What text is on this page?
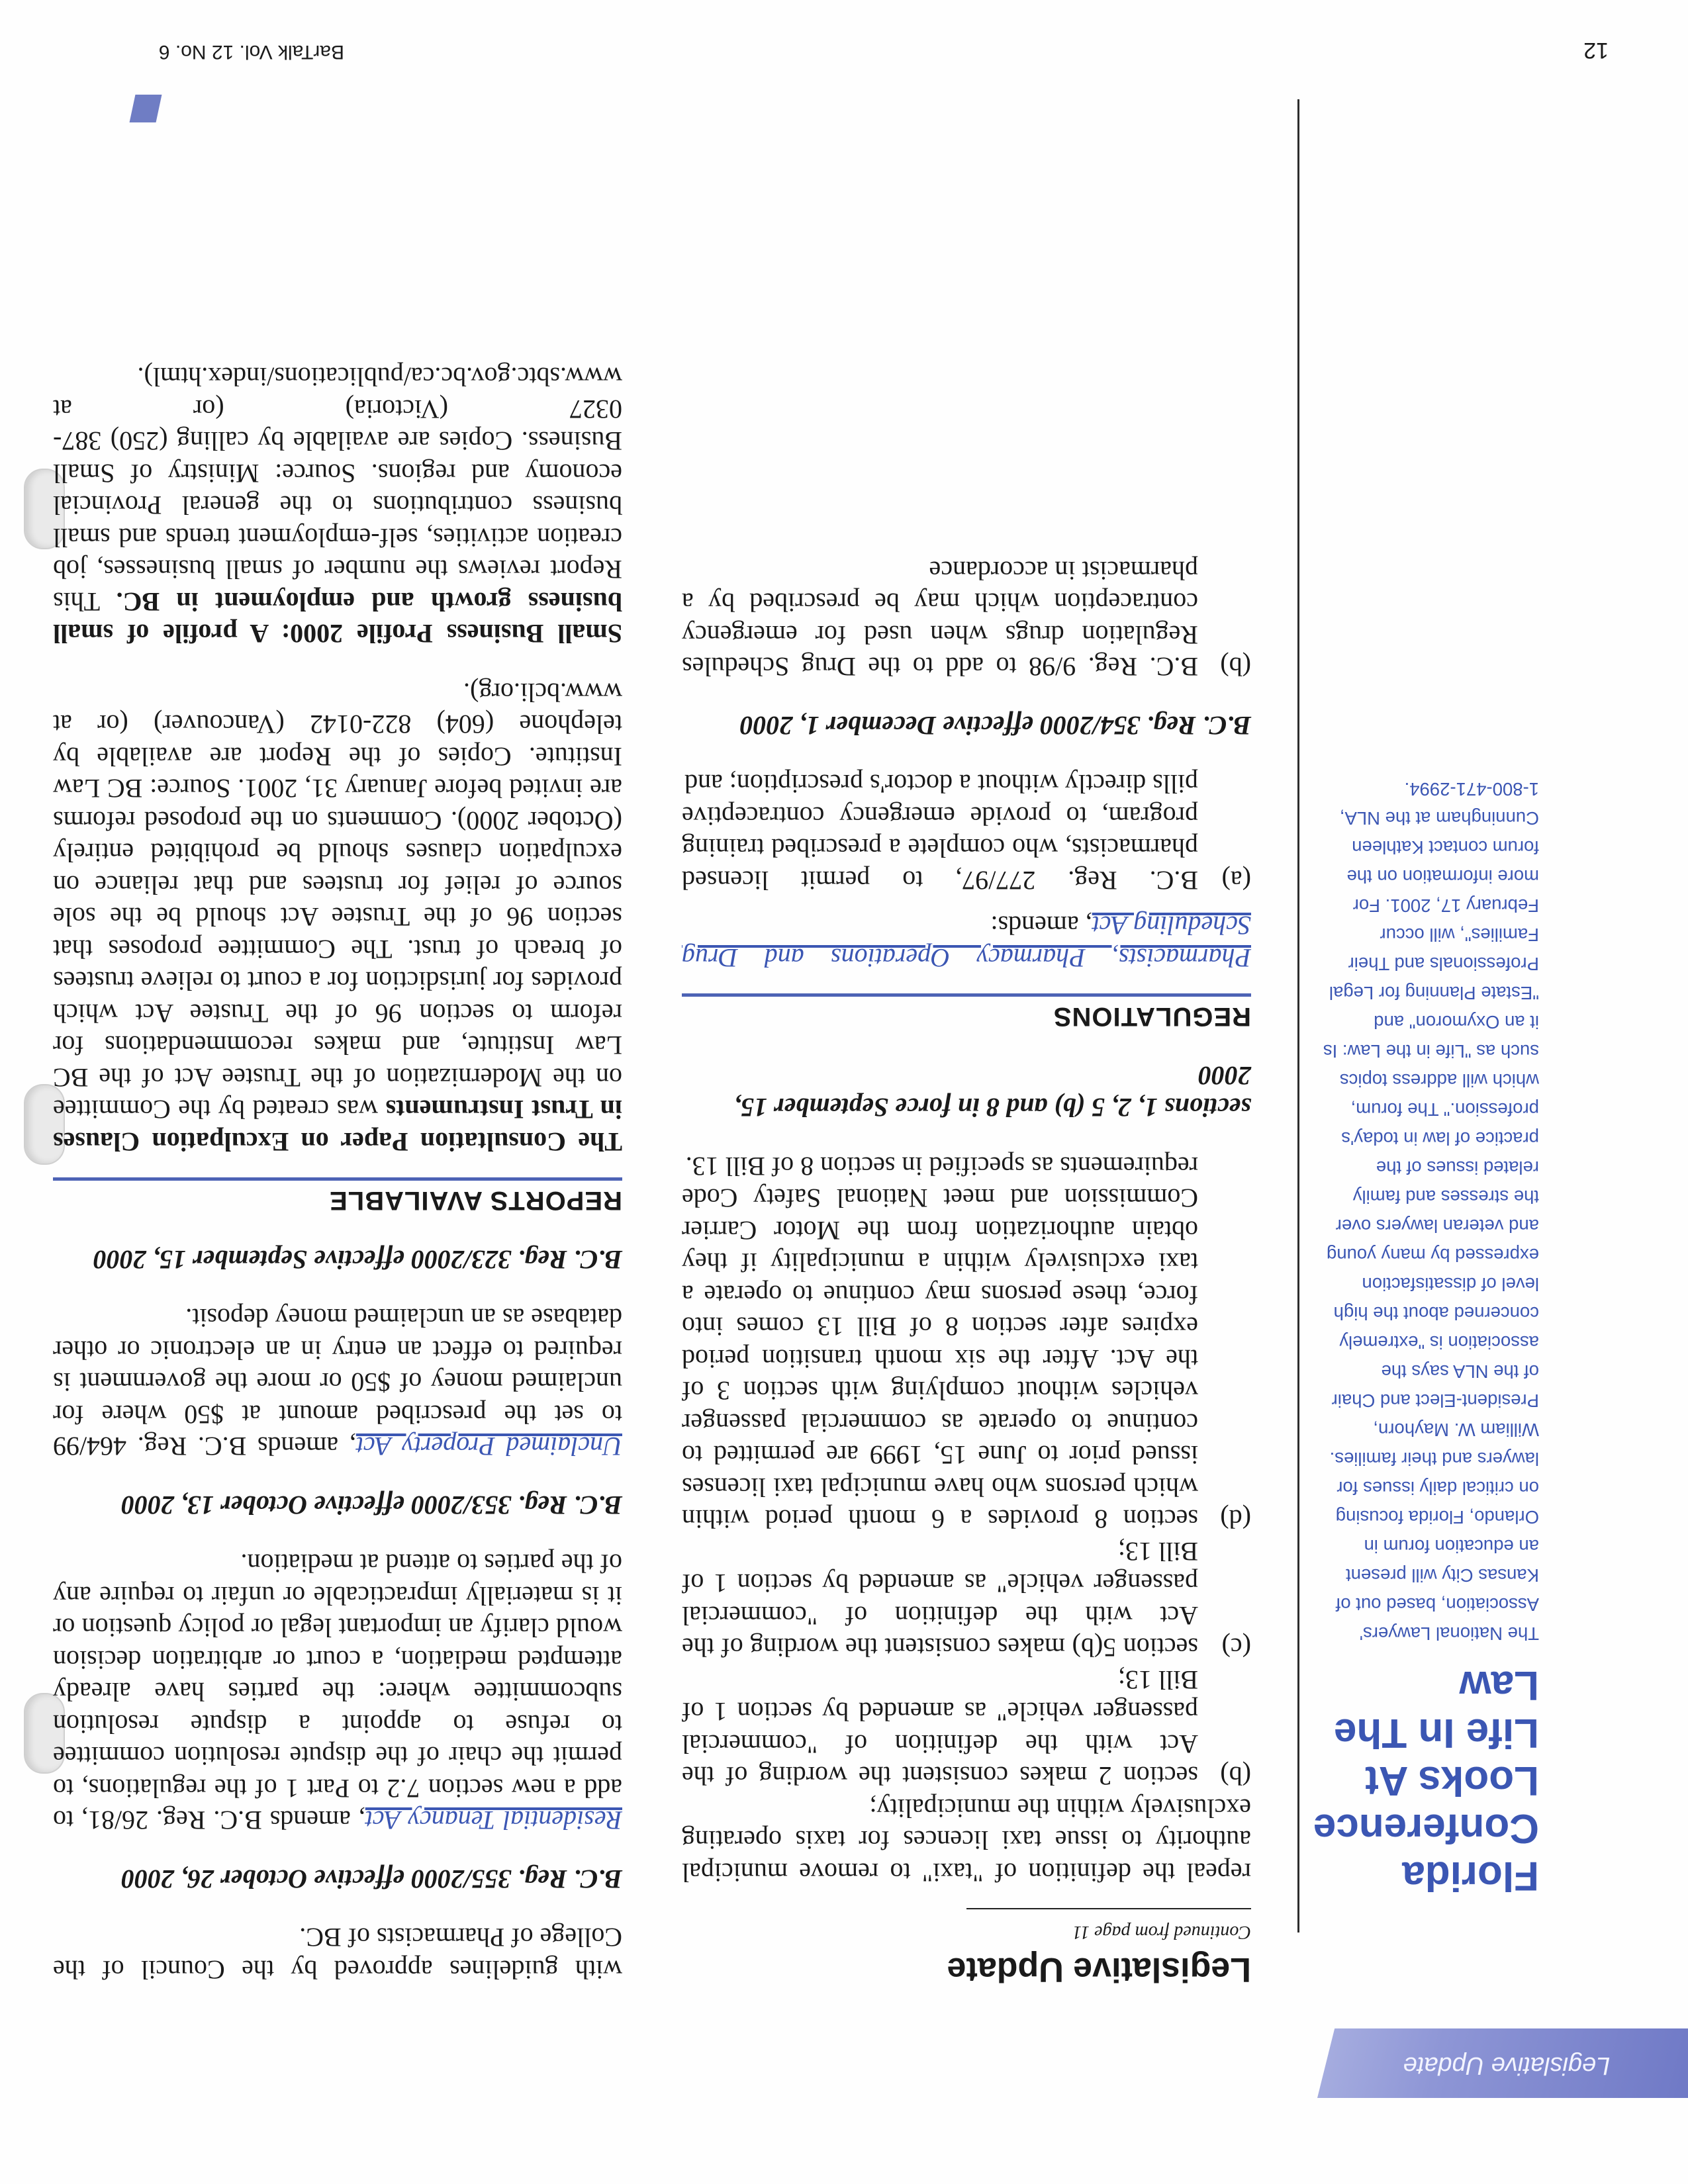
Legislative Update
Florida Conference Looks At Life In The Law

The National Lawyers' Association, based out of Kansas City will present an education forum in Orlando, Florida focusing on critical daily issues for lawyers and their families. William W. Mayhorn, President-Elect and Chair of the NLA says the association is "extremely concerned about the high level of dissatisfaction expressed by many young and veteran lawyers over the stresses and family related issues of the practice of law in today's profession." The forum, which will address topics such as "Life in the Law: Is it an Oxymoron" and "Estate Planning for Legal Professionals and Their Families", will occur February 17, 2001. For more information on the forum contact Kathleen Cunningham at the NLA, 1-800-471-2994.

Legislative Update

Continued from page 11

repeal the definition of "taxi" to remove municipal authority to issue taxi licences for taxis operating exclusively within the municipality;

(b)
section 2 makes consistent the wording of the Act with the definition of "commercial passenger vehicle" as amended by section 1 of Bill 13;
(c)
section 5(b) makes consistent the wording of the Act with the definition of "commercial passenger vehicle" as amended by section 1 of Bill 13;
(d)
section 8 provides a 6 month period within which persons who have municipal taxi licenses issued prior to June 15, 1999 are permitted to continue to operate as commercial passenger vehicles without complying with section 3 of the Act. After the six month transition period expires after section 8 of Bill 13 comes into force, these persons may continue to operate a taxi exclusively within a municipality if they obtain authorization from the Motor Carrier Commission and meet National Safety Code requirements as specified in section 8 of Bill 13.

sections 1, 2, 5 (b) and 8 in force September 15, 2000

REGULATIONS

Pharmacists, Pharmacy Operations and Drug Scheduling Act, amends:

(a)
B.C. Reg. 277/97, to permit licensed pharmacists, who complete a prescribed training program, to provide emergency contraceptive pills directly without a doctor's prescription; and

B.C. Reg. 354/2000 effective December 1, 2000

(b)
B.C. Reg. 9/98 to add to the Drug Schedules Regulation drugs when used for emergency contraception which may be prescribed by a pharmacist in accordance

with guidelines approved by the Council of the College of Pharmacists of BC.

B.C. Reg. 355/2000 effective October 26, 2000

Residential Tenancy Act, amends B.C. Reg. 26/81, to add a new section 7.2 to Part 1 of the regulations, to permit the chair of the dispute resolution committee to refuse to appoint a dispute resolution subcommittee where: the parties have already attempted mediation, a court or arbitration decision would clarify an important legal or policy question or it is materially impracticable or unfair to require any of the parties to attend at mediation.

B.C. Reg. 353/2000 effective October 13, 2000

Unclaimed Property Act, amends B.C. Reg. 464/99 to set the prescribed amount at $50 where for unclaimed money of $50 or more the government is required to effect an entry in an electronic or other database as an unclaimed money deposit.

B.C. Reg. 323/2000 effective September 15, 2000

REPORTS AVAILABLE

The Consultation Paper on Exculpation Clauses in Trust Instruments was created by the Committee on the Modernization of the Trustee Act of the BC Law Institute, and makes recommendations for reform to section 96 of the Trustee Act which provides for jurisdiction for a court to relieve trustees of breach of trust. The Committee proposes that section 96 of the Trustee Act should be the sole source of relief for trustees and that reliance on exculpation clauses should be prohibited entirely (October 2000). Comments on the proposed reforms are invited before January 31, 2001. Source: BC Law Institute. Copies of the Report are available by telephone (604) 822-0142 (Vancouver) (or at www.bcli.org).

Small Business Profile 2000: A profile of small business growth and employment in BC. This Report reviews the number of small businesses, job creation activities, self-employment trends and small business contributions to the general Provincial economy and regions. Source: Ministry of Small Business. Copies are available by calling (250) 387-0327 (Victoria) (or at www.sbtc.gov.bc.ca/publications/index.html).

12
BarTalk Vol. 12 No. 6
